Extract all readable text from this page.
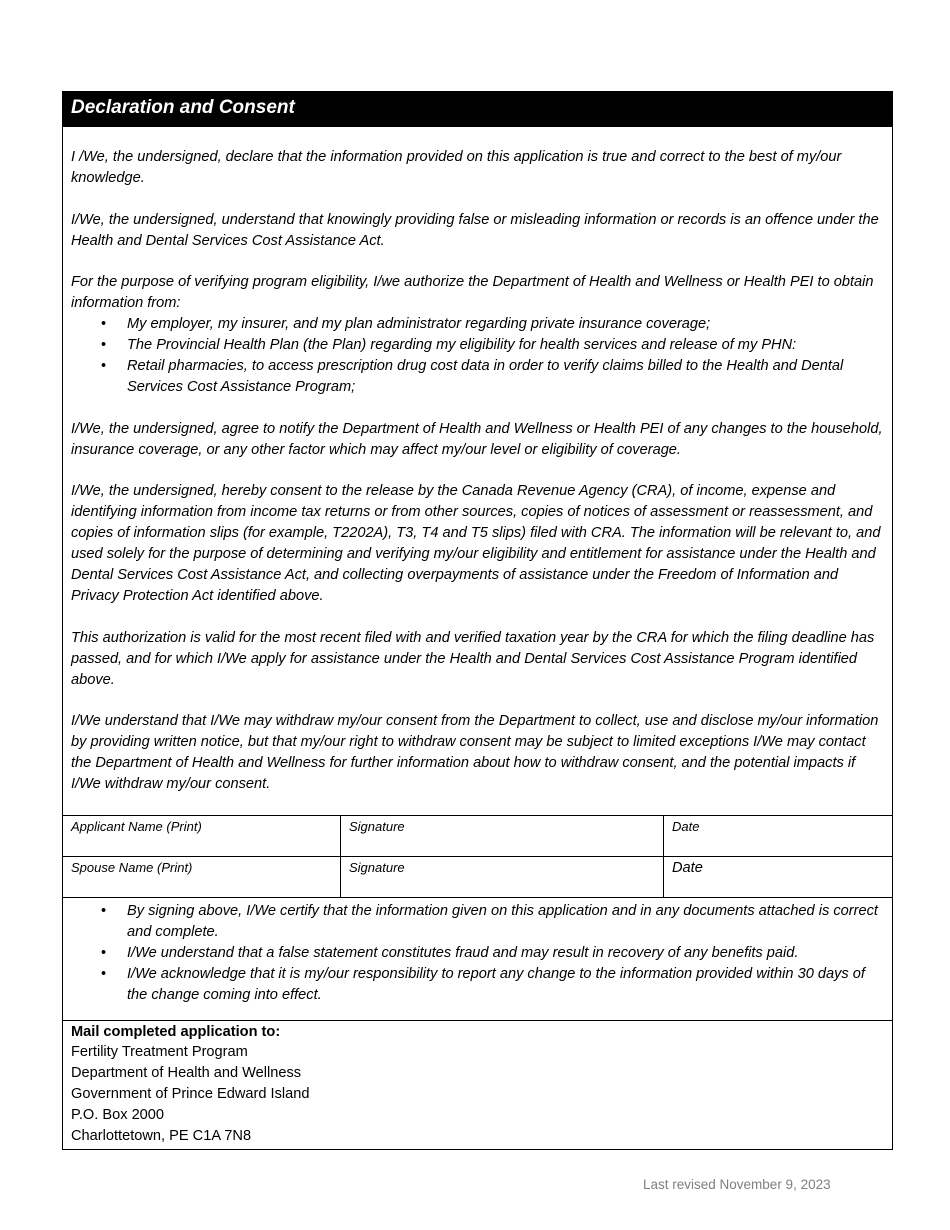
Declaration and Consent

I /We, the undersigned, declare that the information provided on this application is true and correct to the best of my/our knowledge.

I/We, the undersigned, understand that knowingly providing false or misleading information or records is an offence under the Health and Dental Services Cost Assistance Act.

For the purpose of verifying program eligibility, I/we authorize the Department of Health and Wellness or Health PEI to obtain information from:

• My employer, my insurer, and my plan administrator regarding private insurance coverage;
• The Provincial Health Plan (the Plan) regarding my eligibility for health services and release of my PHN:
• Retail pharmacies, to access prescription drug cost data in order to verify claims billed to the Health and Dental Services Cost Assistance Program;

I/We, the undersigned, agree to notify the Department of Health and Wellness or Health PEI of any changes to the household, insurance coverage, or any other factor which may affect my/our level or eligibility of coverage.

I/We, the undersigned, hereby consent to the release by the Canada Revenue Agency (CRA), of income, expense and identifying information from income tax returns or from other sources, copies of notices of assessment or reassessment, and copies of information slips (for example, T2202A), T3, T4 and T5 slips) filed with CRA. The information will be relevant to, and used solely for the purpose of determining and verifying my/our eligibility and entitlement for assistance under the Health and Dental Services Cost Assistance Act, and collecting overpayments of assistance under the Freedom of Information and Privacy Protection Act identified above.

This authorization is valid for the most recent filed with and verified taxation year by the CRA for which the filing deadline has passed, and for which I/We apply for assistance under the Health and Dental Services Cost Assistance Program identified above.

I/We understand that I/We may withdraw my/our consent from the Department to collect, use and disclose my/our information by providing written notice, but that my/our right to withdraw consent may be subject to limited exceptions I/We may contact the Department of Health and Wellness for further information about how to withdraw consent, and the potential impacts if I/We withdraw my/our consent.

Applicant Name (Print)	Signature	Date
Spouse Name (Print)	Signature	Date
• By signing above, I/We certify that the information given on this application and in any documents attached is correct and complete.
• I/We understand that a false statement constitutes fraud and may result in recovery of any benefits paid.
• I/We acknowledge that it is my/our responsibility to report any change to the information provided within 30 days of the change coming into effect.
Mail completed application to:
Fertility Treatment Program
Department of Health and Wellness
Government of Prince Edward Island
P.O. Box 2000
Charlottetown, PE C1A 7N8
Last revised November 9, 2023
